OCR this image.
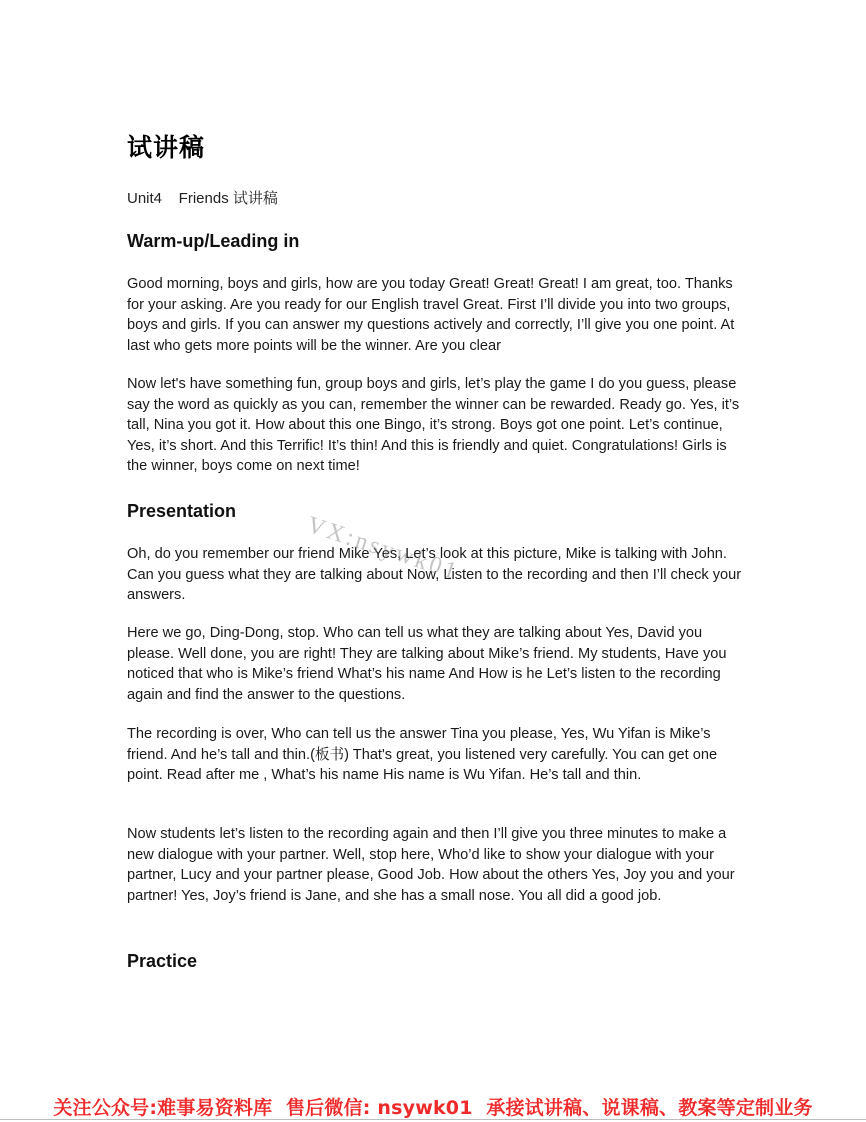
试讲稿
Unit4    Friends 试讲稿
Warm-up/Leading in

Good morning, boys and girls, how are you today Great! Great! Great! I am great, too. Thanks for your asking. Are you ready for our English travel Great. First I’ll divide you into two groups, boys and girls. If you can answer my questions actively and correctly, I’ll give you one point. At last who gets more points will be the winner. Are you clear

Now let's have something fun, group boys and girls, let’s play the game I do you guess, please say the word as quickly as you can, remember the winner can be rewarded. Ready go. Yes, it’s tall, Nina you got it. How about this one Bingo, it’s strong. Boys got one point. Let’s continue, Yes, it’s short. And this Terrific! It’s thin! And this is friendly and quiet. Congratulations! Girls is the winner, boys come on next time!

Presentation

Oh, do you remember our friend Mike Yes, Let’s look at this picture, Mike is talking with John. Can you guess what they are talking about Now, Listen to the recording and then I’ll check your answers.

Here we go, Ding-Dong, stop. Who can tell us what they are talking about Yes, David you please. Well done, you are right! They are talking about Mike’s friend. My students, Have you noticed that who is Mike’s friend What’s his name And How is he Let’s listen to the recording again and find the answer to the questions.

The recording is over, Who can tell us the answer Tina you please, Yes, Wu Yifan is Mike’s friend. And he’s tall and thin.(板书) That's great, you listened very carefully. You can get one point. Read after me , What’s his name His name is Wu Yifan. He’s tall and thin.

Now students let’s listen to the recording again and then I’ll give you three minutes to make a new dialogue with your partner. Well, stop here, Who’d like to show your dialogue with your partner, Lucy and your partner please, Good Job. How about the others Yes, Joy you and your partner! Yes, Joy’s friend is Jane, and she has a small nose. You all did a good job.

Practice
VX:nsywk01
关注公众号:难事易资料库  售后微信: nsywk01  承接试讲稿、说课稿、教案等定制业务
